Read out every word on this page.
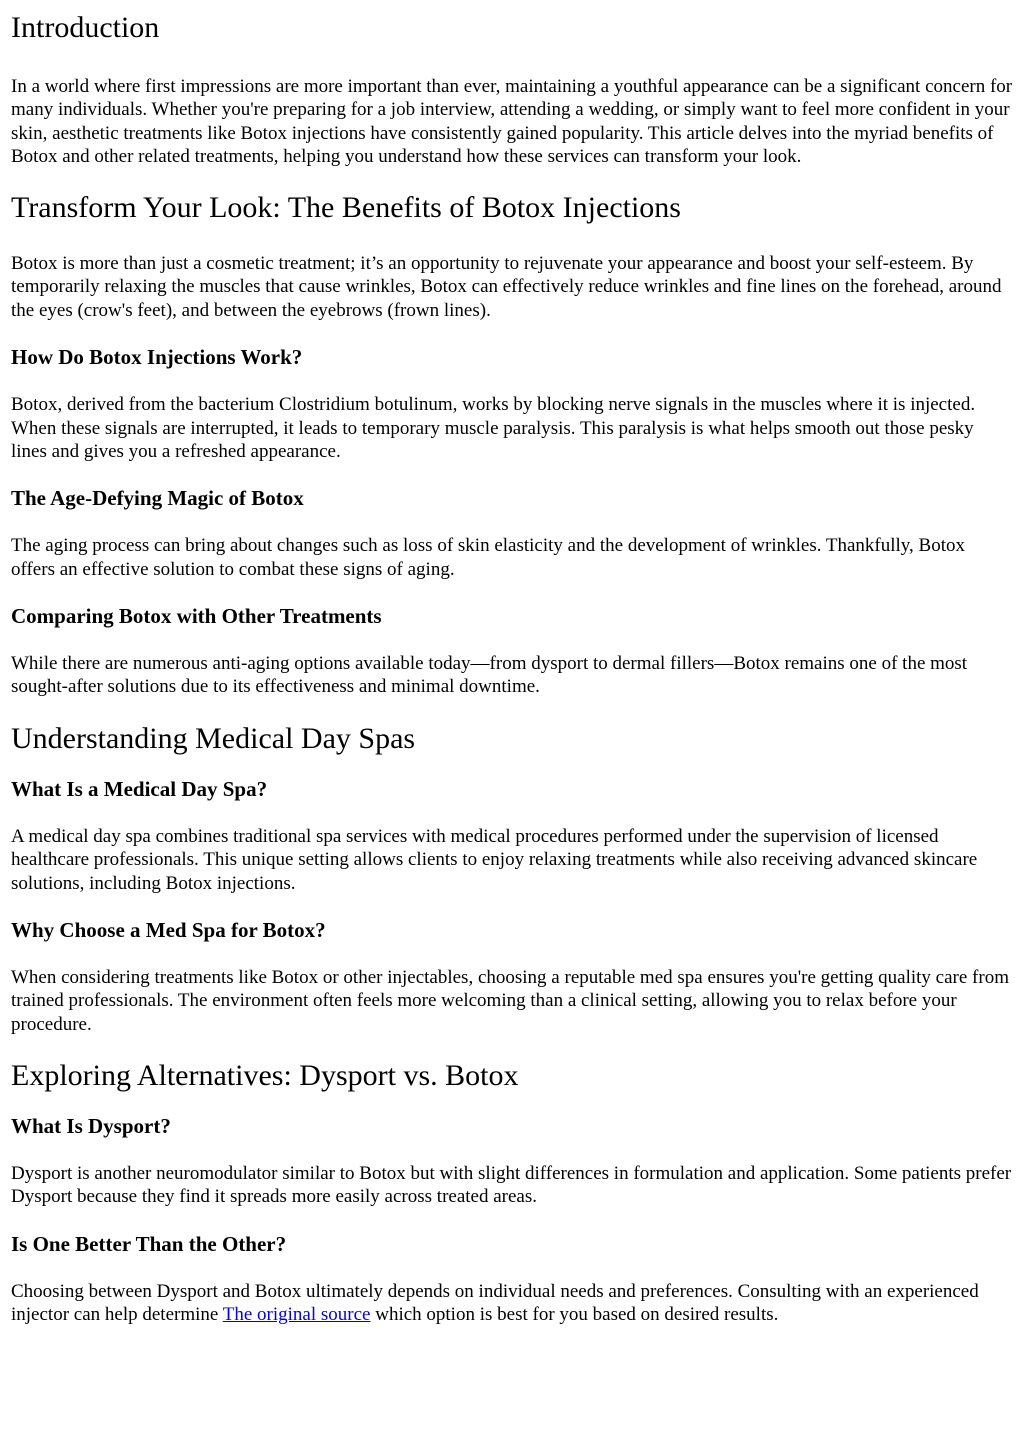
Introduction

In a world where first impressions are more important than ever, maintaining a youthful appearance can be a significant concern for many individuals. Whether you're preparing for a job interview, attending a wedding, or simply want to feel more confident in your skin, aesthetic treatments like Botox injections have consistently gained popularity. This article delves into the myriad benefits of Botox and other related treatments, helping you understand how these services can transform your look.

Transform Your Look: The Benefits of Botox Injections

Botox is more than just a cosmetic treatment; it’s an opportunity to rejuvenate your appearance and boost your self-esteem. By temporarily relaxing the muscles that cause wrinkles, Botox can effectively reduce wrinkles and fine lines on the forehead, around the eyes (crow's feet), and between the eyebrows (frown lines).

How Do Botox Injections Work?

Botox, derived from the bacterium Clostridium botulinum, works by blocking nerve signals in the muscles where it is injected. When these signals are interrupted, it leads to temporary muscle paralysis. This paralysis is what helps smooth out those pesky lines and gives you a refreshed appearance.

The Age-Defying Magic of Botox

The aging process can bring about changes such as loss of skin elasticity and the development of wrinkles. Thankfully, Botox offers an effective solution to combat these signs of aging.

Comparing Botox with Other Treatments

While there are numerous anti-aging options available today—from dysport to dermal fillers—Botox remains one of the most sought-after solutions due to its effectiveness and minimal downtime.

Understanding Medical Day Spas
What Is a Medical Day Spa?

A medical day spa combines traditional spa services with medical procedures performed under the supervision of licensed healthcare professionals. This unique setting allows clients to enjoy relaxing treatments while also receiving advanced skincare solutions, including Botox injections.

Why Choose a Med Spa for Botox?

When considering treatments like Botox or other injectables, choosing a reputable med spa ensures you're getting quality care from trained professionals. The environment often feels more welcoming than a clinical setting, allowing you to relax before your procedure.

Exploring Alternatives: Dysport vs. Botox
What Is Dysport?

Dysport is another neuromodulator similar to Botox but with slight differences in formulation and application. Some patients prefer Dysport because they find it spreads more easily across treated areas.

Is One Better Than the Other?

Choosing between Dysport and Botox ultimately depends on individual needs and preferences. Consulting with an experienced injector can help determine The original source which option is best for you based on desired results.
